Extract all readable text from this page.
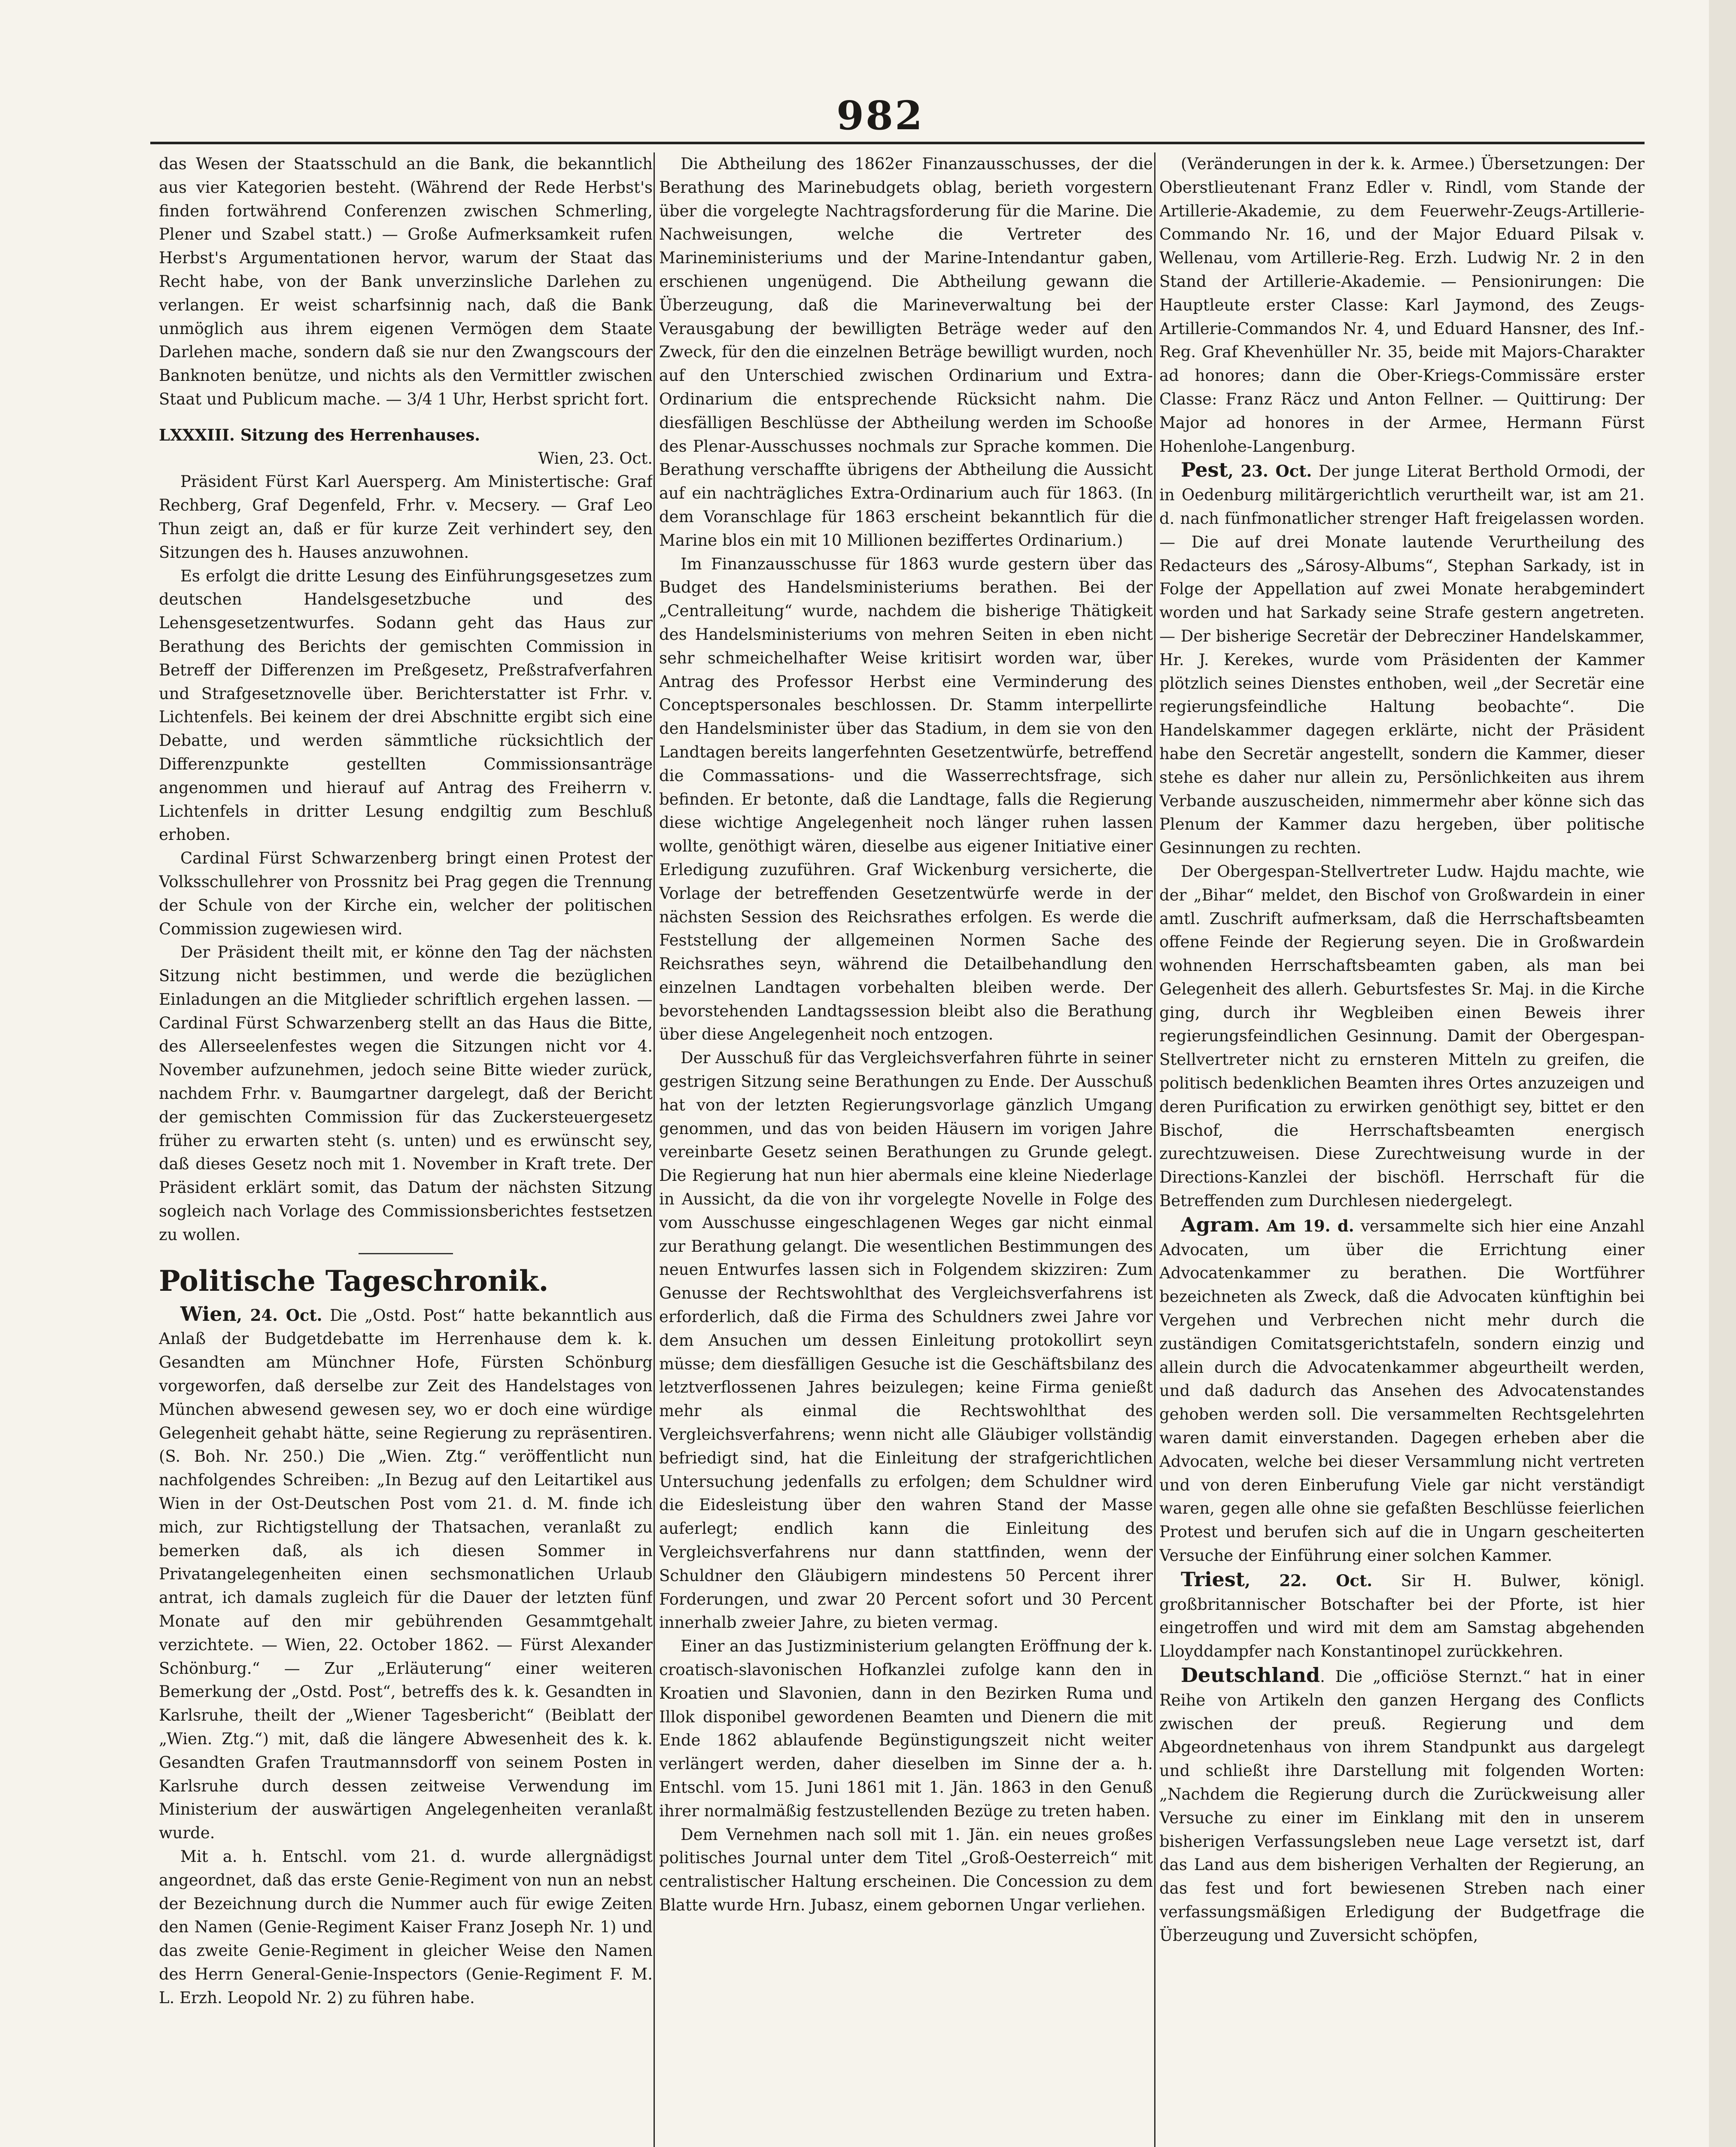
982

das Wesen der Staatsschuld an die Bank, die bekanntlich aus vier Kategorien besteht. (Während der Rede Herbst's finden fortwährend Conferenzen zwischen Schmerling, Plener und Szabel statt.) — Große Aufmerksamkeit rufen Herbst's Argumentationen hervor, warum der Staat das Recht habe, von der Bank unverzinsliche Darlehen zu verlangen. Er weist scharfsinnig nach, daß die Bank unmöglich aus ihrem eigenen Vermögen dem Staate Darlehen mache, sondern daß sie nur den Zwangscours der Banknoten benütze, und nichts als den Vermittler zwischen Staat und Publicum mache. — 3/4 1 Uhr, Herbst spricht fort.

LXXXIII. Sitzung des Herrenhauses.

Wien, 23. Oct.

Präsident Fürst Karl Auersperg. Am Ministertische: Graf Rechberg, Graf Degenfeld, Frhr. v. Mecsery. — Graf Leo Thun zeigt an, daß er für kurze Zeit verhindert sey, den Sitzungen des h. Hauses anzuwohnen.

Es erfolgt die dritte Lesung des Einführungsgesetzes zum deutschen Handelsgesetzbuche und des Lehensgesetzentwurfes. Sodann geht das Haus zur Berathung des Berichts der gemischten Commission in Betreff der Differenzen im Preßgesetz, Preßstrafverfahren und Strafgesetznovelle über. Berichterstatter ist Frhr. v. Lichtenfels. Bei keinem der drei Abschnitte ergibt sich eine Debatte, und werden sämmtliche rücksichtlich der Differenzpunkte gestellten Commissionsanträge angenommen und hierauf auf Antrag des Freiherrn v. Lichtenfels in dritter Lesung endgiltig zum Beschluß erhoben.

Cardinal Fürst Schwarzenberg bringt einen Protest der Volksschullehrer von Prossnitz bei Prag gegen die Trennung der Schule von der Kirche ein, welcher der politischen Commission zugewiesen wird.

Der Präsident theilt mit, er könne den Tag der nächsten Sitzung nicht bestimmen, und werde die bezüglichen Einladungen an die Mitglieder schriftlich ergehen lassen. — Cardinal Fürst Schwarzenberg stellt an das Haus die Bitte, des Allerseelenfestes wegen die Sitzungen nicht vor 4. November aufzunehmen, jedoch seine Bitte wieder zurück, nachdem Frhr. v. Baumgartner dargelegt, daß der Bericht der gemischten Commission für das Zuckersteuergesetz früher zu erwarten steht (s. unten) und es erwünscht sey, daß dieses Gesetz noch mit 1. November in Kraft trete. Der Präsident erklärt somit, das Datum der nächsten Sitzung sogleich nach Vorlage des Commissionsberichtes festsetzen zu wollen.

Politische Tageschronik.

Wien, 24. Oct. Die „Ostd. Post“ hatte bekanntlich aus Anlaß der Budgetdebatte im Herrenhause dem k. k. Gesandten am Münchner Hofe, Fürsten Schönburg vorgeworfen, daß derselbe zur Zeit des Handelstages von München abwesend gewesen sey, wo er doch eine würdige Gelegenheit gehabt hätte, seine Regierung zu repräsentiren. (S. Boh. Nr. 250.) Die „Wien. Ztg.“ veröffentlicht nun nachfolgendes Schreiben: „In Bezug auf den Leitartikel aus Wien in der Ost-Deutschen Post vom 21. d. M. finde ich mich, zur Richtigstellung der Thatsachen, veranlaßt zu bemerken daß, als ich diesen Sommer in Privatangelegenheiten einen sechsmonatlichen Urlaub antrat, ich damals zugleich für die Dauer der letzten fünf Monate auf den mir gebührenden Gesammtgehalt verzichtete. — Wien, 22. October 1862. — Fürst Alexander Schönburg.“ — Zur „Erläuterung“ einer weiteren Bemerkung der „Ostd. Post“, betreffs des k. k. Gesandten in Karlsruhe, theilt der „Wiener Tagesbericht“ (Beiblatt der „Wien. Ztg.“) mit, daß die längere Abwesenheit des k. k. Gesandten Grafen Trautmannsdorff von seinem Posten in Karlsruhe durch dessen zeitweise Verwendung im Ministerium der auswärtigen Angelegenheiten veranlaßt wurde.

Mit a. h. Entschl. vom 21. d. wurde allergnädigst angeordnet, daß das erste Genie-Regiment von nun an nebst der Bezeichnung durch die Nummer auch für ewige Zeiten den Namen (Genie-Regiment Kaiser Franz Joseph Nr. 1) und das zweite Genie-Regiment in gleicher Weise den Namen des Herrn General-Genie-Inspectors (Genie-Regiment F. M. L. Erzh. Leopold Nr. 2) zu führen habe.

Die Abtheilung des 1862er Finanzausschusses, der die Berathung des Marinebudgets oblag, berieth vorgestern über die vorgelegte Nachtragsforderung für die Marine. Die Nachweisungen, welche die Vertreter des Marineministeriums und der Marine-Intendantur gaben, erschienen ungenügend. Die Abtheilung gewann die Überzeugung, daß die Marineverwaltung bei der Verausgabung der bewilligten Beträge weder auf den Zweck, für den die einzelnen Beträge bewilligt wurden, noch auf den Unterschied zwischen Ordinarium und Extra-Ordinarium die entsprechende Rücksicht nahm. Die diesfälligen Beschlüsse der Abtheilung werden im Schooße des Plenar-Ausschusses nochmals zur Sprache kommen. Die Berathung verschaffte übrigens der Abtheilung die Aussicht auf ein nachträgliches Extra-Ordinarium auch für 1863. (In dem Voranschlage für 1863 erscheint bekanntlich für die Marine blos ein mit 10 Millionen beziffertes Ordinarium.)

Im Finanzausschusse für 1863 wurde gestern über das Budget des Handelsministeriums berathen. Bei der „Centralleitung“ wurde, nachdem die bisherige Thätigkeit des Handelsministeriums von mehren Seiten in eben nicht sehr schmeichelhafter Weise kritisirt worden war, über Antrag des Professor Herbst eine Verminderung des Conceptspersonales beschlossen. Dr. Stamm interpellirte den Handelsminister über das Stadium, in dem sie von den Landtagen bereits langerfehnten Gesetzentwürfe, betreffend die Commassations- und die Wasserrechtsfrage, sich befinden. Er betonte, daß die Landtage, falls die Regierung diese wichtige Angelegenheit noch länger ruhen lassen wollte, genöthigt wären, dieselbe aus eigener Initiative einer Erledigung zuzuführen. Graf Wickenburg versicherte, die Vorlage der betreffenden Gesetzentwürfe werde in der nächsten Session des Reichsrathes erfolgen. Es werde die Feststellung der allgemeinen Normen Sache des Reichsrathes seyn, während die Detailbehandlung den einzelnen Landtagen vorbehalten bleiben werde. Der bevorstehenden Landtagssession bleibt also die Berathung über diese Angelegenheit noch entzogen.

Der Ausschuß für das Vergleichsverfahren führte in seiner gestrigen Sitzung seine Berathungen zu Ende. Der Ausschuß hat von der letzten Regierungsvorlage gänzlich Umgang genommen, und das von beiden Häusern im vorigen Jahre vereinbarte Gesetz seinen Berathungen zu Grunde gelegt. Die Regierung hat nun hier abermals eine kleine Niederlage in Aussicht, da die von ihr vorgelegte Novelle in Folge des vom Ausschusse eingeschlagenen Weges gar nicht einmal zur Berathung gelangt. Die wesentlichen Bestimmungen des neuen Entwurfes lassen sich in Folgendem skizziren: Zum Genusse der Rechtswohlthat des Vergleichsverfahrens ist erforderlich, daß die Firma des Schuldners zwei Jahre vor dem Ansuchen um dessen Einleitung protokollirt seyn müsse; dem diesfälligen Gesuche ist die Geschäftsbilanz des letztverflossenen Jahres beizulegen; keine Firma genießt mehr als einmal die Rechtswohlthat des Vergleichsverfahrens; wenn nicht alle Gläubiger vollständig befriedigt sind, hat die Einleitung der strafgerichtlichen Untersuchung jedenfalls zu erfolgen; dem Schuldner wird die Eidesleistung über den wahren Stand der Masse auferlegt; endlich kann die Einleitung des Vergleichsverfahrens nur dann stattfinden, wenn der Schuldner den Gläubigern mindestens 50 Percent ihrer Forderungen, und zwar 20 Percent sofort und 30 Percent innerhalb zweier Jahre, zu bieten vermag.

Einer an das Justizministerium gelangten Eröffnung der k. croatisch-slavonischen Hofkanzlei zufolge kann den in Kroatien und Slavonien, dann in den Bezirken Ruma und Illok disponibel gewordenen Beamten und Dienern die mit Ende 1862 ablaufende Begünstigungszeit nicht weiter verlängert werden, daher dieselben im Sinne der a. h. Entschl. vom 15. Juni 1861 mit 1. Jän. 1863 in den Genuß ihrer normalmäßig festzustellenden Bezüge zu treten haben.

Dem Vernehmen nach soll mit 1. Jän. ein neues großes politisches Journal unter dem Titel „Groß-Oesterreich“ mit centralistischer Haltung erscheinen. Die Concession zu dem Blatte wurde Hrn. Jubasz, einem gebornen Ungar verliehen.

(Veränderungen in der k. k. Armee.) Übersetzungen: Der Oberstlieutenant Franz Edler v. Rindl, vom Stande der Artillerie-Akademie, zu dem Feuerwehr-Zeugs-Artillerie-Commando Nr. 16, und der Major Eduard Pilsak v. Wellenau, vom Artillerie-Reg. Erzh. Ludwig Nr. 2 in den Stand der Artillerie-Akademie. — Pensionirungen: Die Hauptleute erster Classe: Karl Jaymond, des Zeugs-Artillerie-Commandos Nr. 4, und Eduard Hansner, des Inf.-Reg. Graf Khevenhüller Nr. 35, beide mit Majors-Charakter ad honores; dann die Ober-Kriegs-Commissäre erster Classe: Franz Räcz und Anton Fellner. — Quittirung: Der Major ad honores in der Armee, Hermann Fürst Hohenlohe-Langenburg.

Pest, 23. Oct. Der junge Literat Berthold Ormodi, der in Oedenburg militärgerichtlich verurtheilt war, ist am 21. d. nach fünfmonatlicher strenger Haft freigelassen worden. — Die auf drei Monate lautende Verurtheilung des Redacteurs des „Sárosy-Albums“, Stephan Sarkady, ist in Folge der Appellation auf zwei Monate herabgemindert worden und hat Sarkady seine Strafe gestern angetreten. — Der bisherige Secretär der Debrecziner Handelskammer, Hr. J. Kerekes, wurde vom Präsidenten der Kammer plötzlich seines Dienstes enthoben, weil „der Secretär eine regierungsfeindliche Haltung beobachte“. Die Handelskammer dagegen erklärte, nicht der Präsident habe den Secretär angestellt, sondern die Kammer, dieser stehe es daher nur allein zu, Persönlichkeiten aus ihrem Verbande auszuscheiden, nimmermehr aber könne sich das Plenum der Kammer dazu hergeben, über politische Gesinnungen zu rechten.

Der Obergespan-Stellvertreter Ludw. Hajdu machte, wie der „Bihar“ meldet, den Bischof von Großwardein in einer amtl. Zuschrift aufmerksam, daß die Herrschaftsbeamten offene Feinde der Regierung seyen. Die in Großwardein wohnenden Herrschaftsbeamten gaben, als man bei Gelegenheit des allerh. Geburtsfestes Sr. Maj. in die Kirche ging, durch ihr Wegbleiben einen Beweis ihrer regierungsfeindlichen Gesinnung. Damit der Obergespan-Stellvertreter nicht zu ernsteren Mitteln zu greifen, die politisch bedenklichen Beamten ihres Ortes anzuzeigen und deren Purification zu erwirken genöthigt sey, bittet er den Bischof, die Herrschaftsbeamten energisch zurechtzuweisen. Diese Zurechtweisung wurde in der Directions-Kanzlei der bischöfl. Herrschaft für die Betreffenden zum Durchlesen niedergelegt.

Agram. Am 19. d. versammelte sich hier eine Anzahl Advocaten, um über die Errichtung einer Advocatenkammer zu berathen. Die Wortführer bezeichneten als Zweck, daß die Advocaten künftighin bei Vergehen und Verbrechen nicht mehr durch die zuständigen Comitatsgerichtstafeln, sondern einzig und allein durch die Advocatenkammer abgeurtheilt werden, und daß dadurch das Ansehen des Advocatenstandes gehoben werden soll. Die versammelten Rechtsgelehrten waren damit einverstanden. Dagegen erheben aber die Advocaten, welche bei dieser Versammlung nicht vertreten und von deren Einberufung Viele gar nicht verständigt waren, gegen alle ohne sie gefaßten Beschlüsse feierlichen Protest und berufen sich auf die in Ungarn gescheiterten Versuche der Einführung einer solchen Kammer.

Triest, 22. Oct. Sir H. Bulwer, königl. großbritannischer Botschafter bei der Pforte, ist hier eingetroffen und wird mit dem am Samstag abgehenden Lloyddampfer nach Konstantinopel zurückkehren.

Deutschland. Die „officiöse Sternzt.“ hat in einer Reihe von Artikeln den ganzen Hergang des Conflicts zwischen der preuß. Regierung und dem Abgeordnetenhaus von ihrem Standpunkt aus dargelegt und schließt ihre Darstellung mit folgenden Worten: „Nachdem die Regierung durch die Zurückweisung aller Versuche zu einer im Einklang mit den in unserem bisherigen Verfassungsleben neue Lage versetzt ist, darf das Land aus dem bisherigen Verhalten der Regierung, an das fest und fort bewiesenen Streben nach einer verfassungsmäßigen Erledigung der Budgetfrage die Überzeugung und Zuversicht schöpfen,
